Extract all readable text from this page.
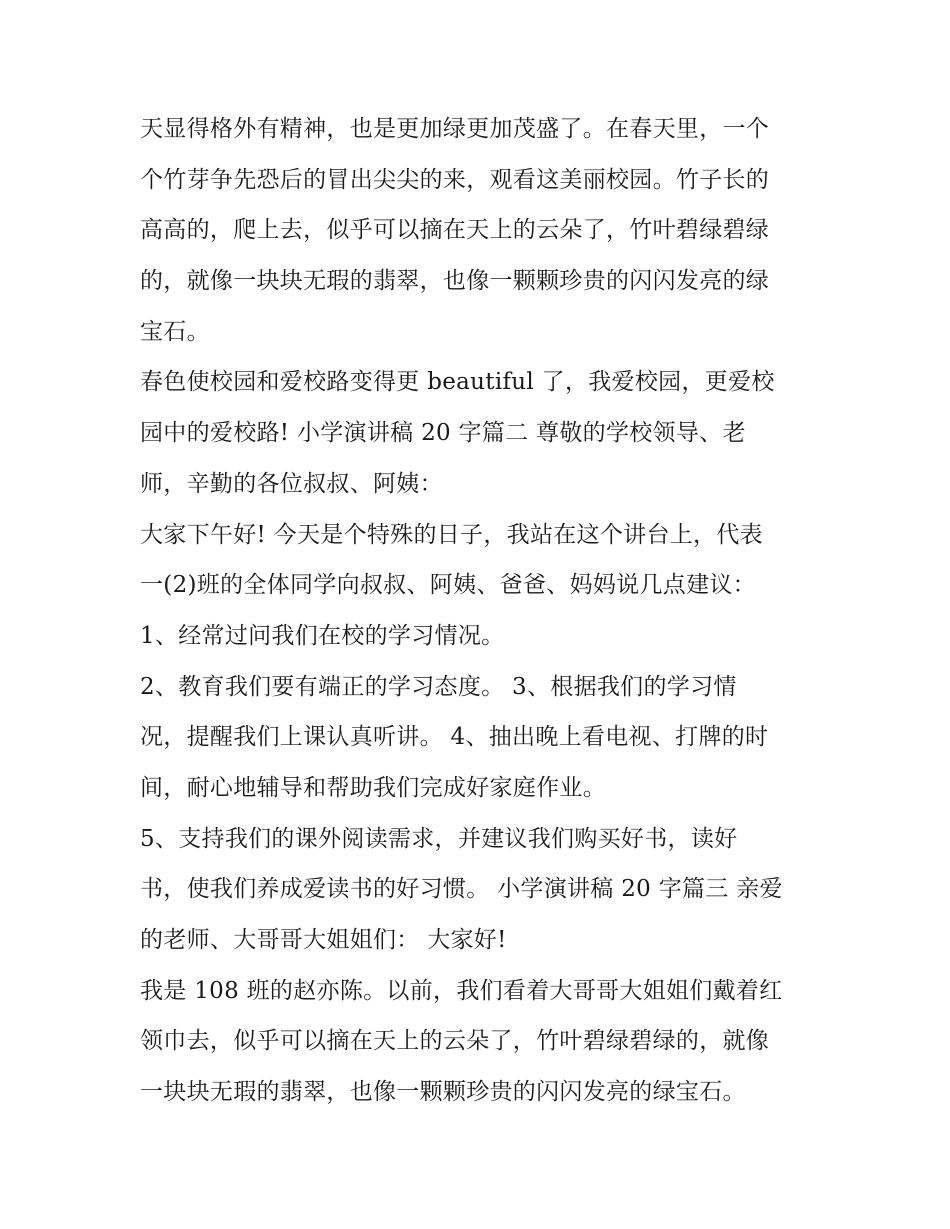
天显得格外有精神，也是更加绿更加茂盛了。在春天里，一个
个竹芽争先恐后的冒出尖尖的来，观看这美丽校园。竹子长的
高高的，爬上去，似乎可以摘在天上的云朵了，竹叶碧绿碧绿
的，就像一块块无瑕的翡翠，也像一颗颗珍贵的闪闪发亮的绿
宝石。
春色使校园和爱校路变得更 beautiful 了，我爱校园，更爱校
园中的爱校路! 小学演讲稿 20 字篇二 尊敬的学校领导、老
师，辛勤的各位叔叔、阿姨：
大家下午好! 今天是个特殊的日子，我站在这个讲台上，代表
一(2)班的全体同学向叔叔、阿姨、爸爸、妈妈说几点建议：
1、经常过问我们在校的学习情况。
2、教育我们要有端正的学习态度。 3、根据我们的学习情
况，提醒我们上课认真听讲。 4、抽出晚上看电视、打牌的时
间，耐心地辅导和帮助我们完成好家庭作业。
5、支持我们的课外阅读需求，并建议我们购买好书，读好
书，使我们养成爱读书的好习惯。 小学演讲稿 20 字篇三 亲爱
的老师、大哥哥大姐姐们： 大家好!
我是 108 班的赵亦陈。以前，我们看着大哥哥大姐姐们戴着红
领巾去，似乎可以摘在天上的云朵了，竹叶碧绿碧绿的，就像
一块块无瑕的翡翠，也像一颗颗珍贵的闪闪发亮的绿宝石。
